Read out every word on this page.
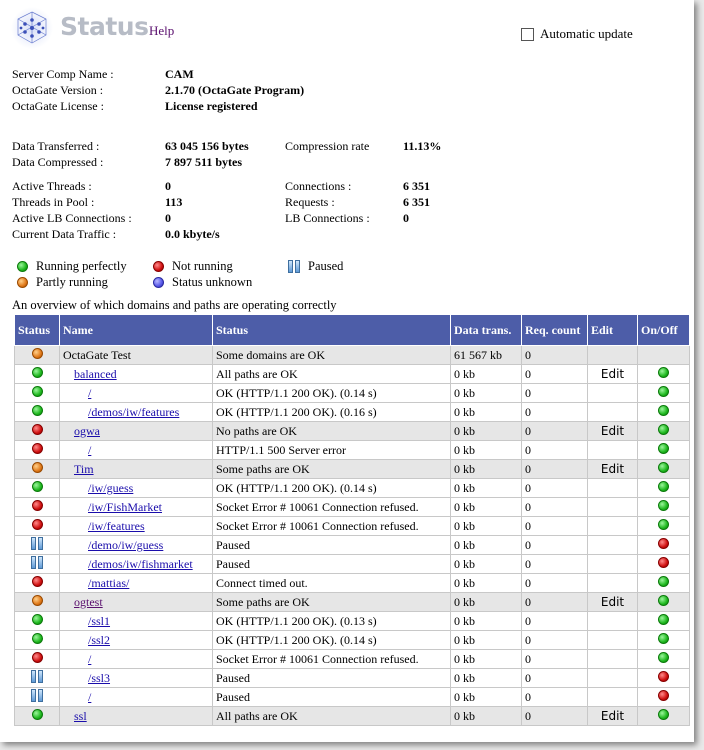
Status Help	Automatic update
Server Comp Name :	CAM
OctaGate Version :	2.1.70 (OctaGate Program)
OctaGate License :	License registered
Data Transferred :	63 045 156 bytes
Data Compressed :	7 897 511 bytes
Compression rate	11.13%
Active Threads :	0
Threads in Pool :	113
Active LB Connections :	0
Current Data Traffic :	0.0 kbyte/s
Connections :	6 351
Requests :	6 351
LB Connections :	0
Running perfectly
Partly running
Not running
Status unknown
Paused
An overview of which domains and paths are operating correctly
Status	Name	Status	Data trans.	Req. count	Edit	On/Off
	OctaGate Test	Some domains are OK	61 567 kb	0		
	balanced	All paths are OK	0 kb	0	Edit	
	/	OK (HTTP/1.1 200 OK). (0.14 s)	0 kb	0		
	/demos/iw/features	OK (HTTP/1.1 200 OK). (0.16 s)	0 kb	0		
	ogwa	No paths are OK	0 kb	0	Edit	
	/	HTTP/1.1 500 Server error	0 kb	0		
	Tim	Some paths are OK	0 kb	0	Edit	
	/iw/guess	OK (HTTP/1.1 200 OK). (0.14 s)	0 kb	0		
	/iw/FishMarket	Socket Error # 10061 Connection refused.	0 kb	0		
	/iw/features	Socket Error # 10061 Connection refused.	0 kb	0		

	/demo/iw/guess	Paused	0 kb	0		

	/demos/iw/fishmarket	Paused	0 kb	0		
	/mattias/	Connect timed out.	0 kb	0		
	ogtest	Some paths are OK	0 kb	0	Edit	
	/ssl1	OK (HTTP/1.1 200 OK). (0.13 s)	0 kb	0		
	/ssl2	OK (HTTP/1.1 200 OK). (0.14 s)	0 kb	0		
	/	Socket Error # 10061 Connection refused.	0 kb	0		

	/ssl3	Paused	0 kb	0		

	/	Paused	0 kb	0		
	ssl	All paths are OK	0 kb	0	Edit	
